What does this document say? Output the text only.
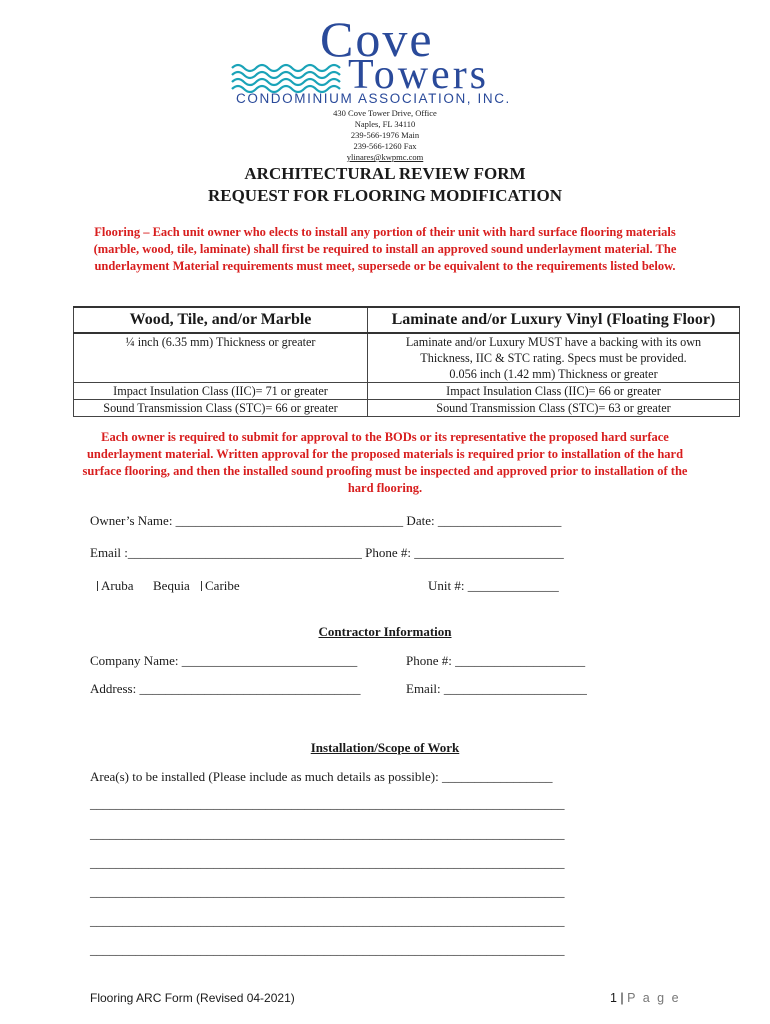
Cove
Towers
CONDOMINIUM ASSOCIATION, INC.
430 Cove Tower Drive, Office
Naples, FL 34110
239-566-1976 Main
239-566-1260 Fax
ylinares@kwpmc.com
ARCHITECTURAL REVIEW FORM
REQUEST FOR FLOORING MODIFICATION
Flooring – Each unit owner who elects to install any portion of their unit with hard surface flooring materials (marble, wood, tile, laminate) shall first be required to install an approved sound underlayment material. The underlayment Material requirements must meet, supersede or be equivalent to the requirements listed below.
Wood, Tile, and/or Marble	Laminate and/or Luxury Vinyl (Floating Floor)
¼ inch (6.35 mm) Thickness or greater	Laminate and/or Luxury MUST have a backing with its own
Thickness, IIC & STC rating. Specs must be provided.
0.056 inch (1.42 mm) Thickness or greater

Impact Insulation Class (IIC)= 71 or greater	Impact Insulation Class (IIC)= 66 or greater
Sound Transmission Class (STC)= 66 or greater	Sound Transmission Class (STC)= 63 or greater
Each owner is required to submit for approval to the BODs or its representative the proposed hard surface underlayment material. Written approval for the proposed materials is required prior to installation of the hard surface flooring, and then the installed sound proofing must be inspected and approved prior to installation of the hard flooring.
Owner’s Name: ___________________________________ Date: ___________________
Email :____________________________________ Phone #: _______________________
Aruba Bequia	Caribe	Unit #: ______________
Contractor Information
Company Name: ___________________________	Phone #: ____________________
Address: __________________________________	Email: ______________________
Installation/Scope of Work
Area(s) to be installed (Please include as much details as possible): _________________
_________________________________________________________________________
_________________________________________________________________________
_________________________________________________________________________
_________________________________________________________________________
_________________________________________________________________________
_________________________________________________________________________
Flooring ARC Form (Revised 04-2021)	1 | P a g e
